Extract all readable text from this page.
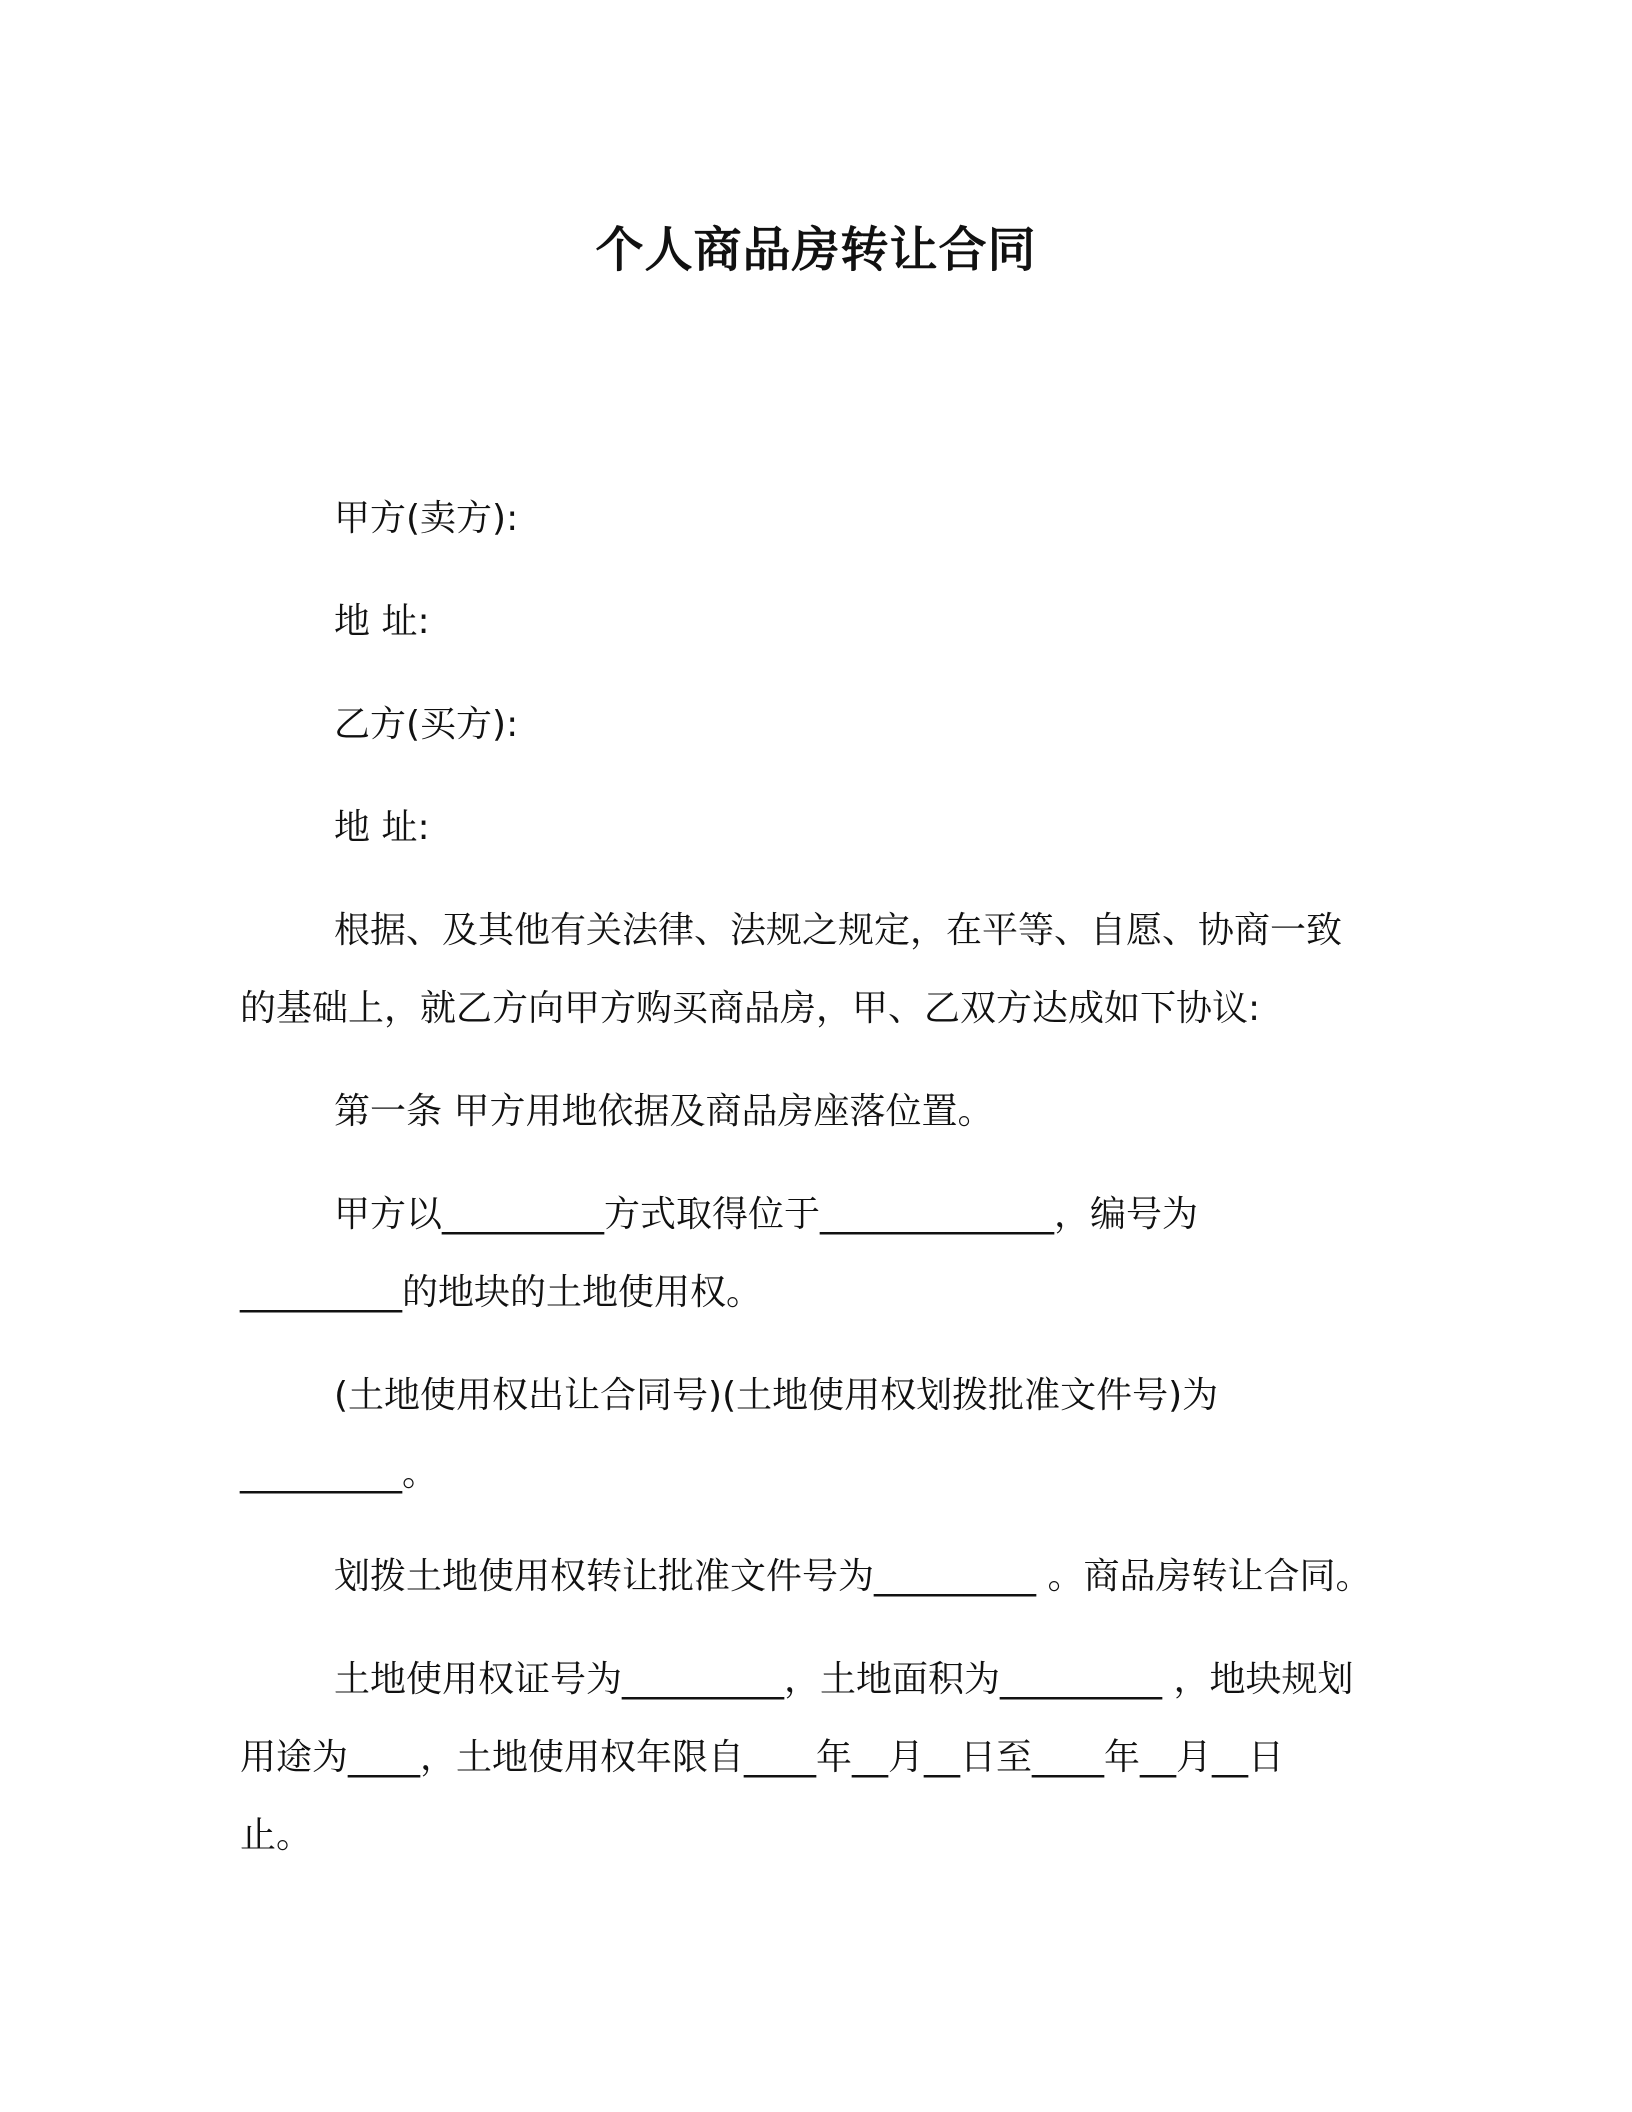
个人商品房转让合同

甲方(卖方):

地 址:

乙方(买方):

地 址:

根据、及其他有关法律、法规之规定，在平等、自愿、协商一致

的基础上，就乙方向甲方购买商品房，甲、乙双方达成如下协议:

第一条 甲方用地依据及商品房座落位置。

甲方以_________方式取得位于_____________，编号为

_________的地块的土地使用权。

(土地使用权出让合同号)(土地使用权划拨批准文件号)为

_________。

划拨土地使用权转让批准文件号为_________ 。商品房转让合同。

土地使用权证号为_________，土地面积为_________ ，地块规划

用途为____，土地使用权年限自____年__月__日至____年__月__日

止。
